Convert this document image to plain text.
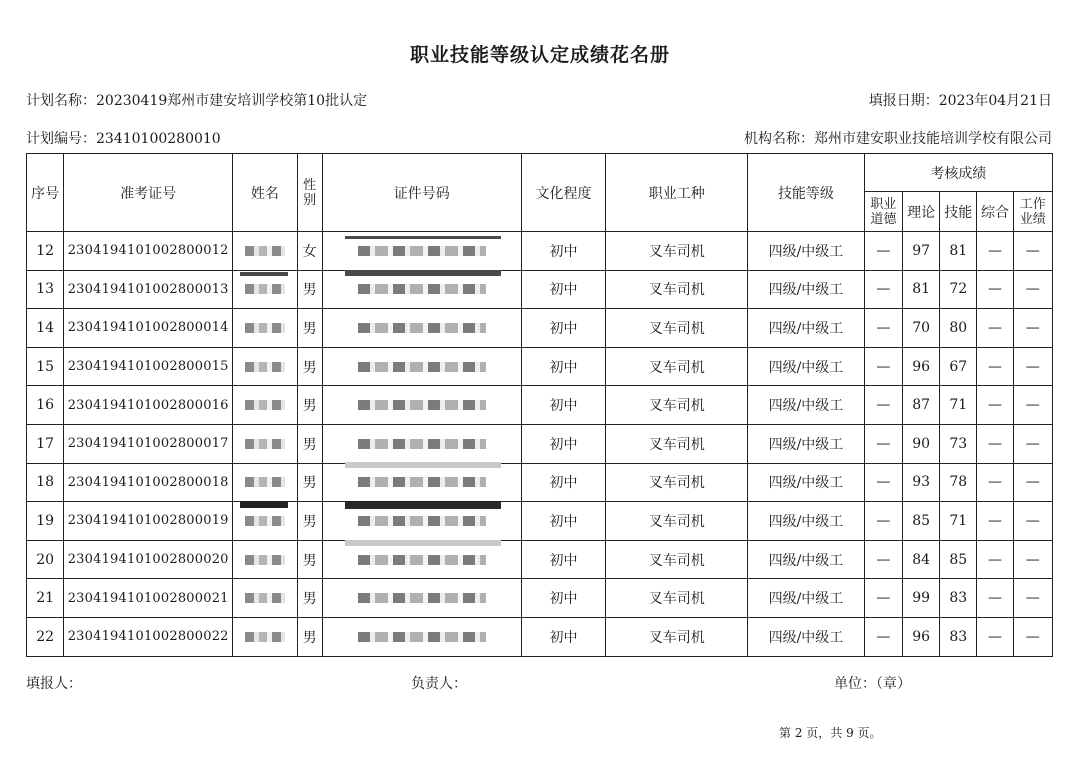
职业技能等级认定成绩花名册
计划名称：20230419郑州市建安培训学校第10批认定	填报日期：2023年04月21日
计划编号：23410100280010	机构名称：郑州市建安职业技能培训学校有限公司
序号	准考证号	姓名	性别	证件号码	文化程度	职业工种	技能等级	考核成绩				
								职业道德	理论	技能	综合	工作业绩
12	2304194101002800012		女		初中	叉车司机	四级/中级工	—	97	81	—	—
13	2304194101002800013		男		初中	叉车司机	四级/中级工	—	81	72	—	—
14	2304194101002800014		男		初中	叉车司机	四级/中级工	—	70	80	—	—
15	2304194101002800015		男		初中	叉车司机	四级/中级工	—	96	67	—	—
16	2304194101002800016		男		初中	叉车司机	四级/中级工	—	87	71	—	—
17	2304194101002800017		男		初中	叉车司机	四级/中级工	—	90	73	—	—
18	2304194101002800018		男		初中	叉车司机	四级/中级工	—	93	78	—	—
19	2304194101002800019		男		初中	叉车司机	四级/中级工	—	85	71	—	—
20	2304194101002800020		男		初中	叉车司机	四级/中级工	—	84	85	—	—
21	2304194101002800021		男		初中	叉车司机	四级/中级工	—	99	83	—	—
22	2304194101002800022		男		初中	叉车司机	四级/中级工	—	96	83	—	—
填报人：	负责人：	单位：（章）
第 2 页，共 9 页。
